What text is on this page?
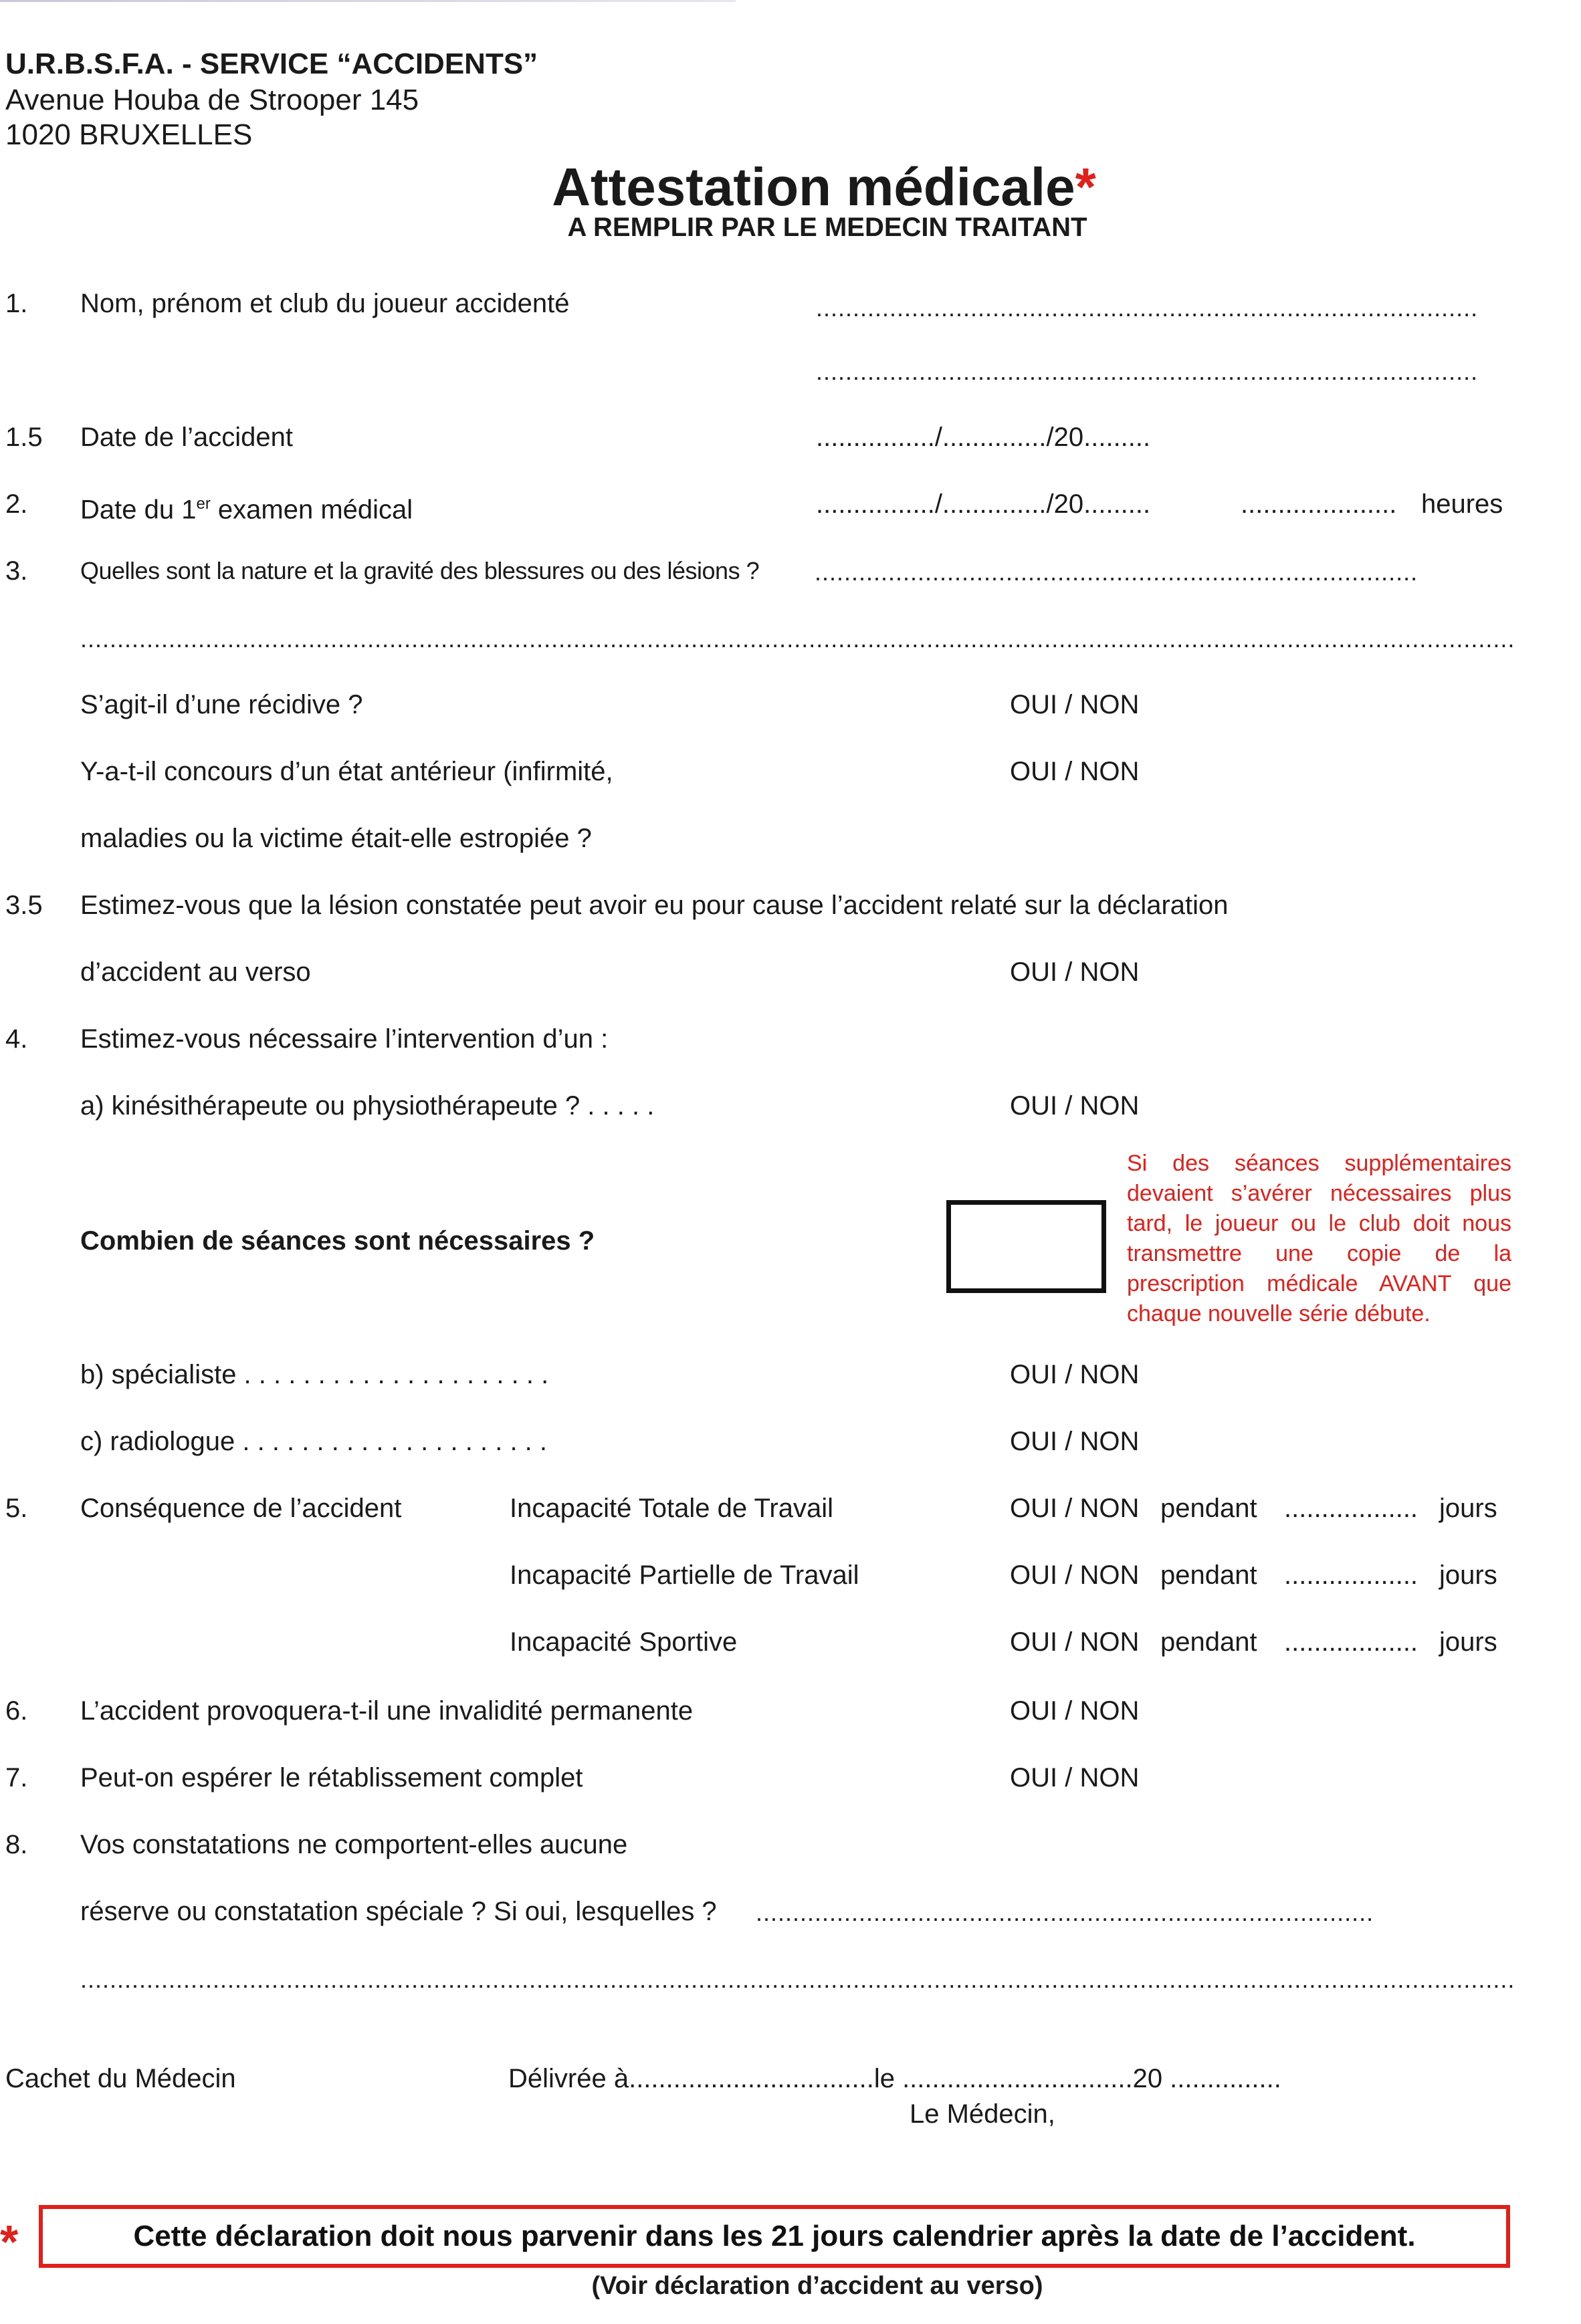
U.R.B.S.F.A. - SERVICE “ACCIDENTS”
Avenue Houba de Strooper 145
1020 BRUXELLES
Attestation médicale*
A REMPLIR PAR LE MEDECIN TRAITANT
1. Nom, prénom et club du joueur accidenté	..........................................................................................
..........................................................................................
1.5 Date de l’accident	................/............../20.........
2. Date du 1er examen médical	................/............../20.........	..................... heures
3. Quelles sont la nature et la gravité des blessures ou des lésions ? ..................................................................................
...................................................................................................................................................................................................
S’agit-il d’une récidive ?	OUI / NON
Y-a-t-il concours d’un état antérieur (infirmité,	OUI / NON
maladies ou la victime était-elle estropiée ?
3.5 Estimez-vous que la lésion constatée peut avoir eu pour cause l’accident relaté sur la déclaration
d’accident au verso	OUI / NON
4. Estimez-vous nécessaire l’intervention d’un :
a) kinésithérapeute ou physiothérapeute ? . . . . .	OUI / NON
Combien de séances sont nécessaires ?
Si des séances supplémentaires devaient s’avérer nécessaires plus tard, le joueur ou le club doit nous transmettre une copie de la prescription médicale AVANT que chaque nouvelle série débute.
b) spécialiste . . . . . . . . . . . . . . . . . . . . .	OUI / NON
c) radiologue . . . . . . . . . . . . . . . . . . . . .	OUI / NON
5. Conséquence de l’accident	Incapacité Totale de Travail	OUI / NON pendant .................. jours
Incapacité Partielle de Travail	OUI / NON pendant .................. jours
Incapacité Sportive	OUI / NON pendant .................. jours
6. L’accident provoquera-t-il une invalidité permanente	OUI / NON
7. Peut-on espérer le rétablissement complet	OUI / NON
8. Vos constatations ne comportent-elles aucune
réserve ou constatation spéciale ? Si oui, lesquelles ? ....................................................................................
...................................................................................................................................................................................................
Cachet du Médecin	Délivrée à.................................le ...............................20 ...............
Le Médecin,
*	Cette déclaration doit nous parvenir dans les 21 jours calendrier après la date de l’accident.
(Voir déclaration d’accident au verso)
